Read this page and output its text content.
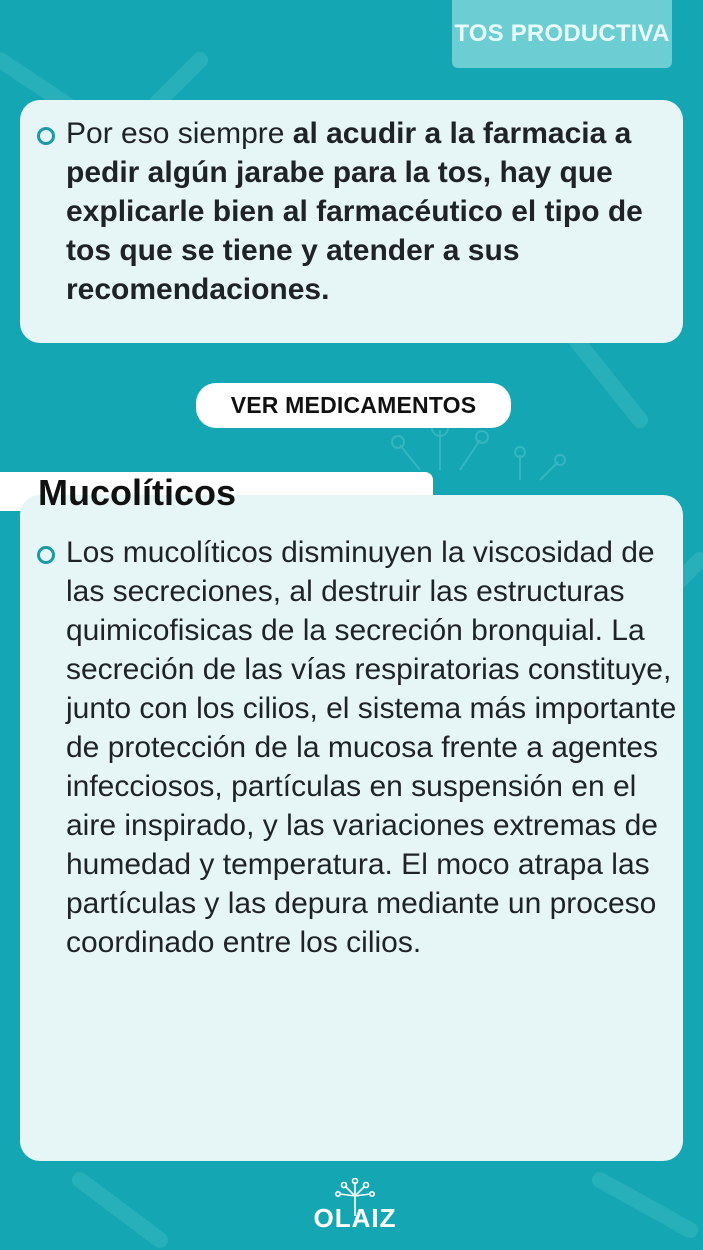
TOS PRODUCTIVA
Por eso siempre al acudir a la farmacia a pedir algún jarabe para la tos, hay que explicarle bien al farmacéutico el tipo de tos que se tiene y atender a sus recomendaciones.
VER MEDICAMENTOS
Los mucolíticos disminuyen la viscosidad de las secreciones, al destruir las estructuras quimicofisicas de la secreción bronquial. La secreción de las vías respiratorias constituye, junto con los cilios, el sistema más importante de protección de la mucosa frente a agentes infecciosos, partículas en suspensión en el aire inspirado, y las variaciones extremas de humedad y temperatura. El moco atrapa las partículas y las depura mediante un proceso coordinado entre los cilios.
Mucolíticos
OLAIZ
